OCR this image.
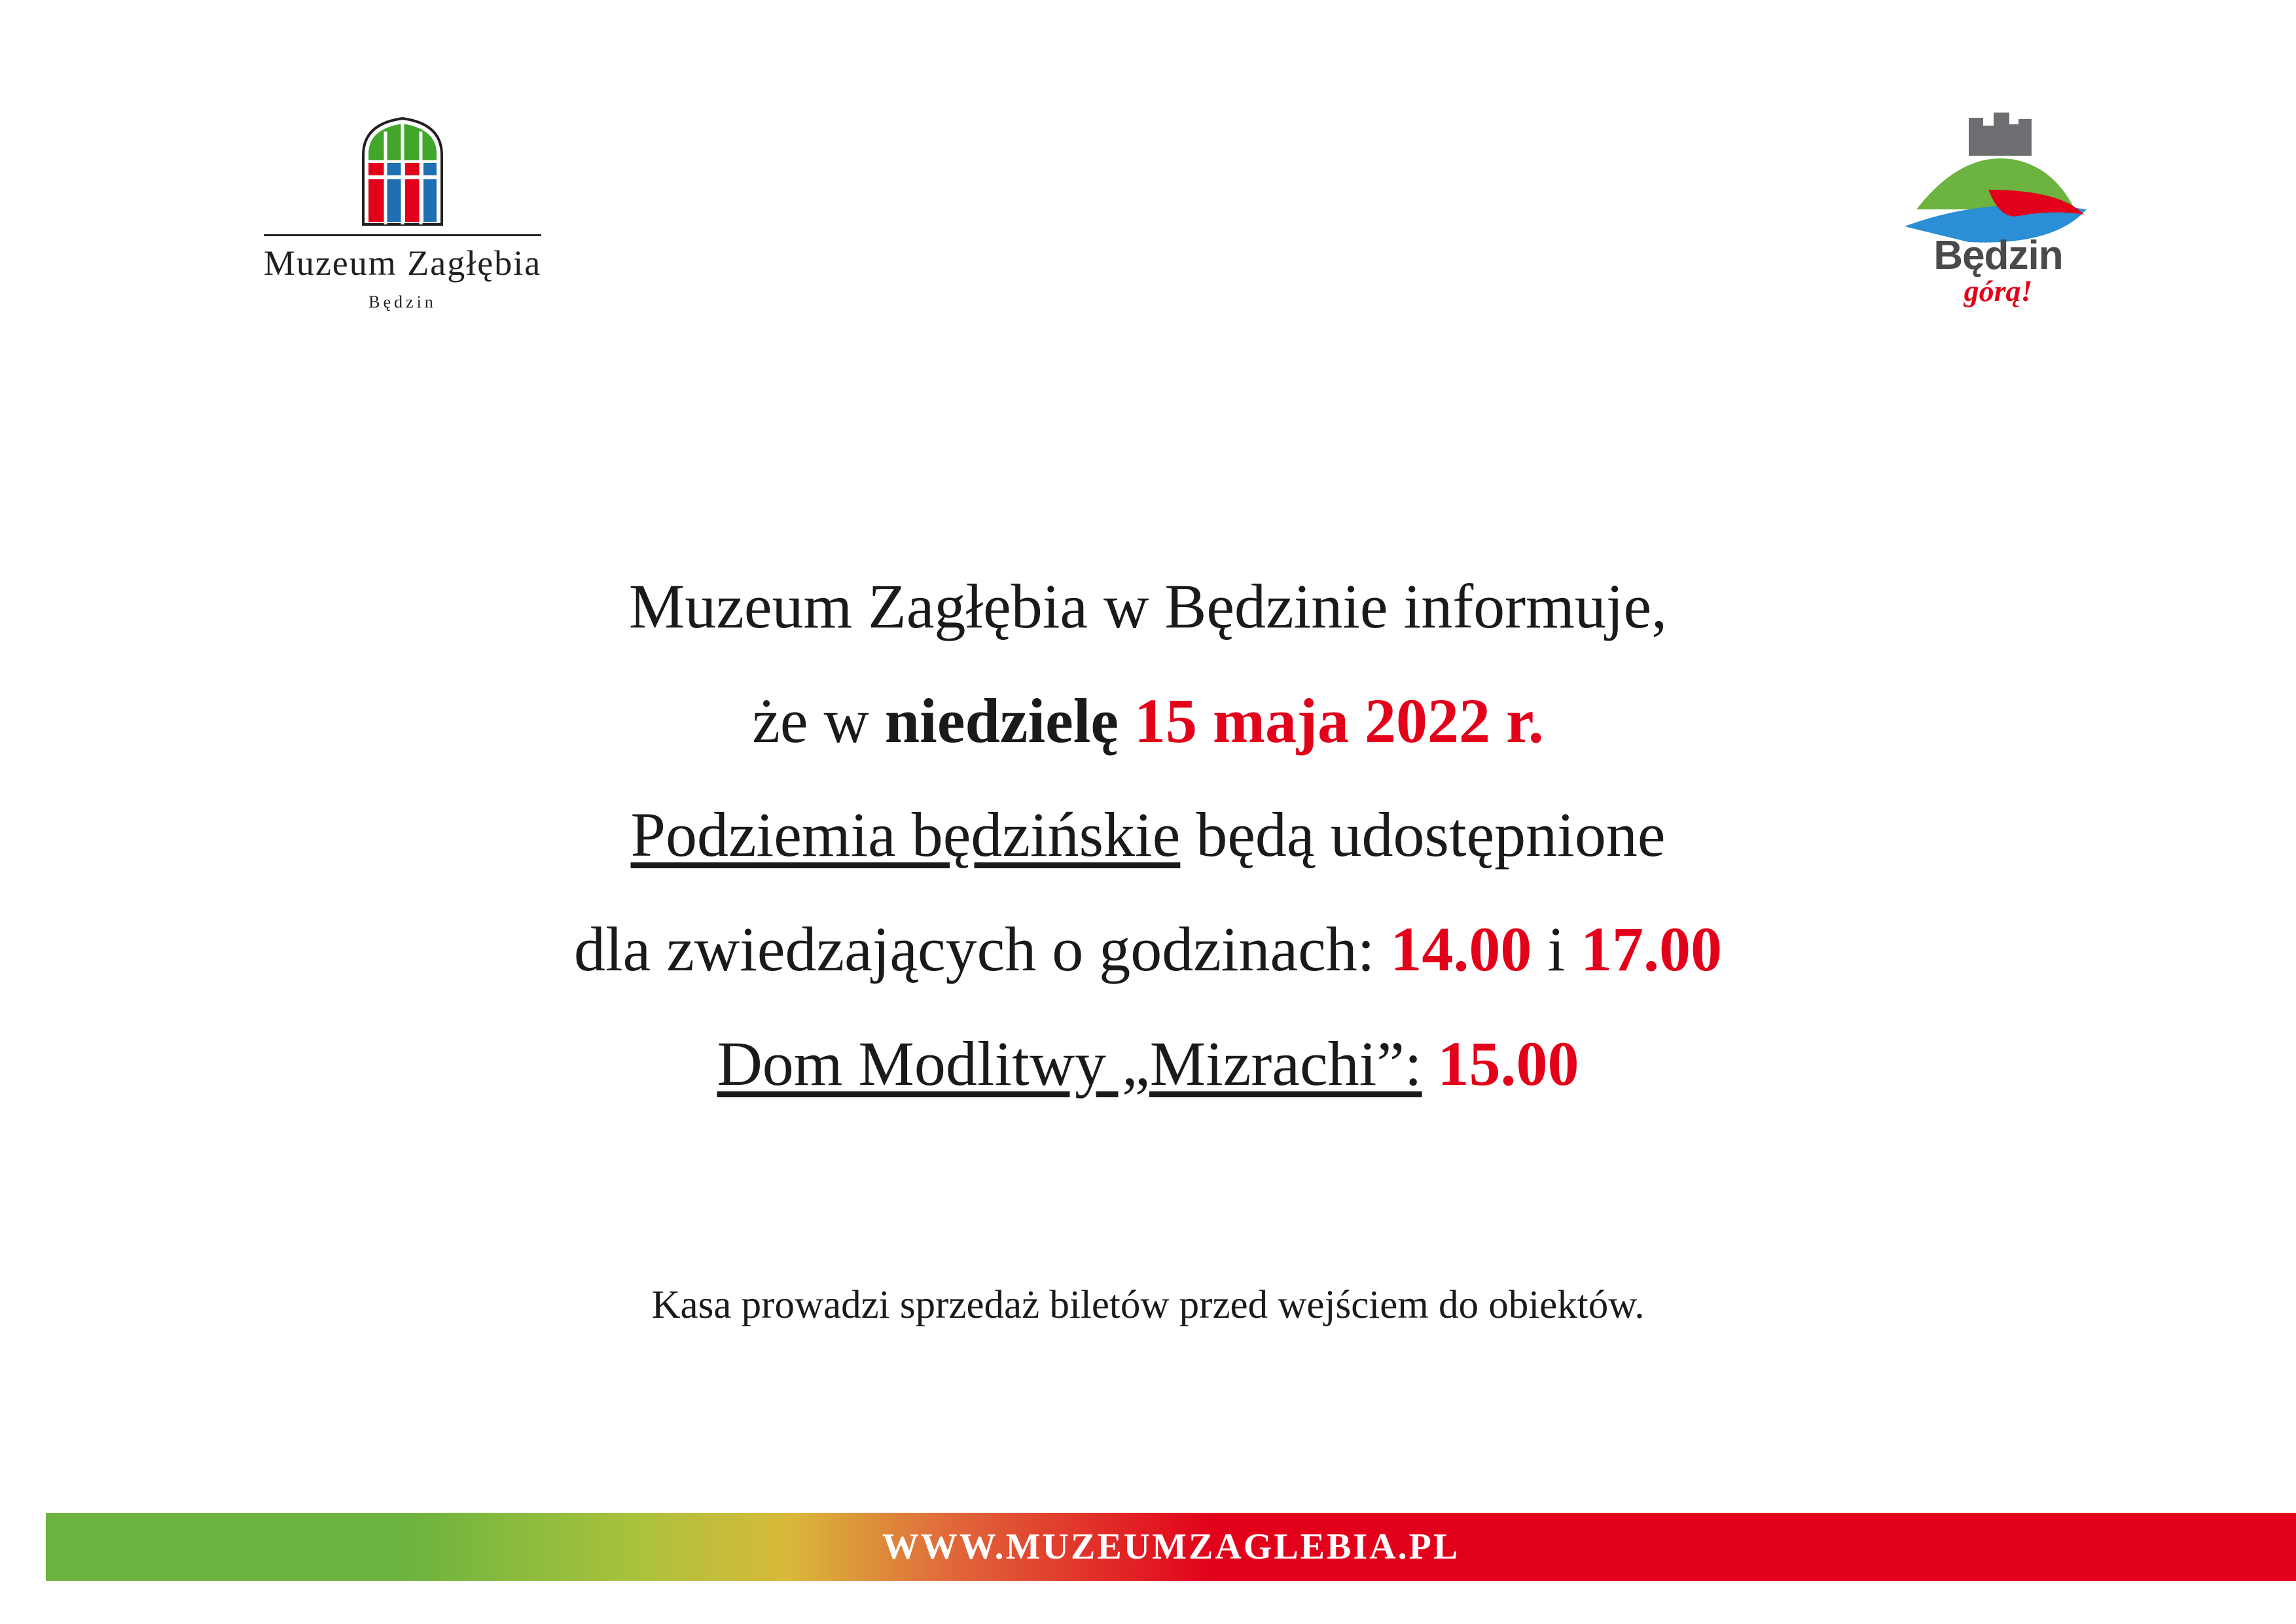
Muzeum Zagłębia
Będzin
Będzin
górą!
Muzeum Zagłębia w Będzinie informuje,
że w niedzielę 15 maja 2022 r.
Podziemia będzińskie będą udostępnione
dla zwiedzających o godzinach: 14.00 i 17.00
Dom Modlitwy „Mizrachi”: 15.00
Kasa prowadzi sprzedaż biletów przed wejściem do obiektów.
WWW.MUZEUMZAGLEBIA.PL
